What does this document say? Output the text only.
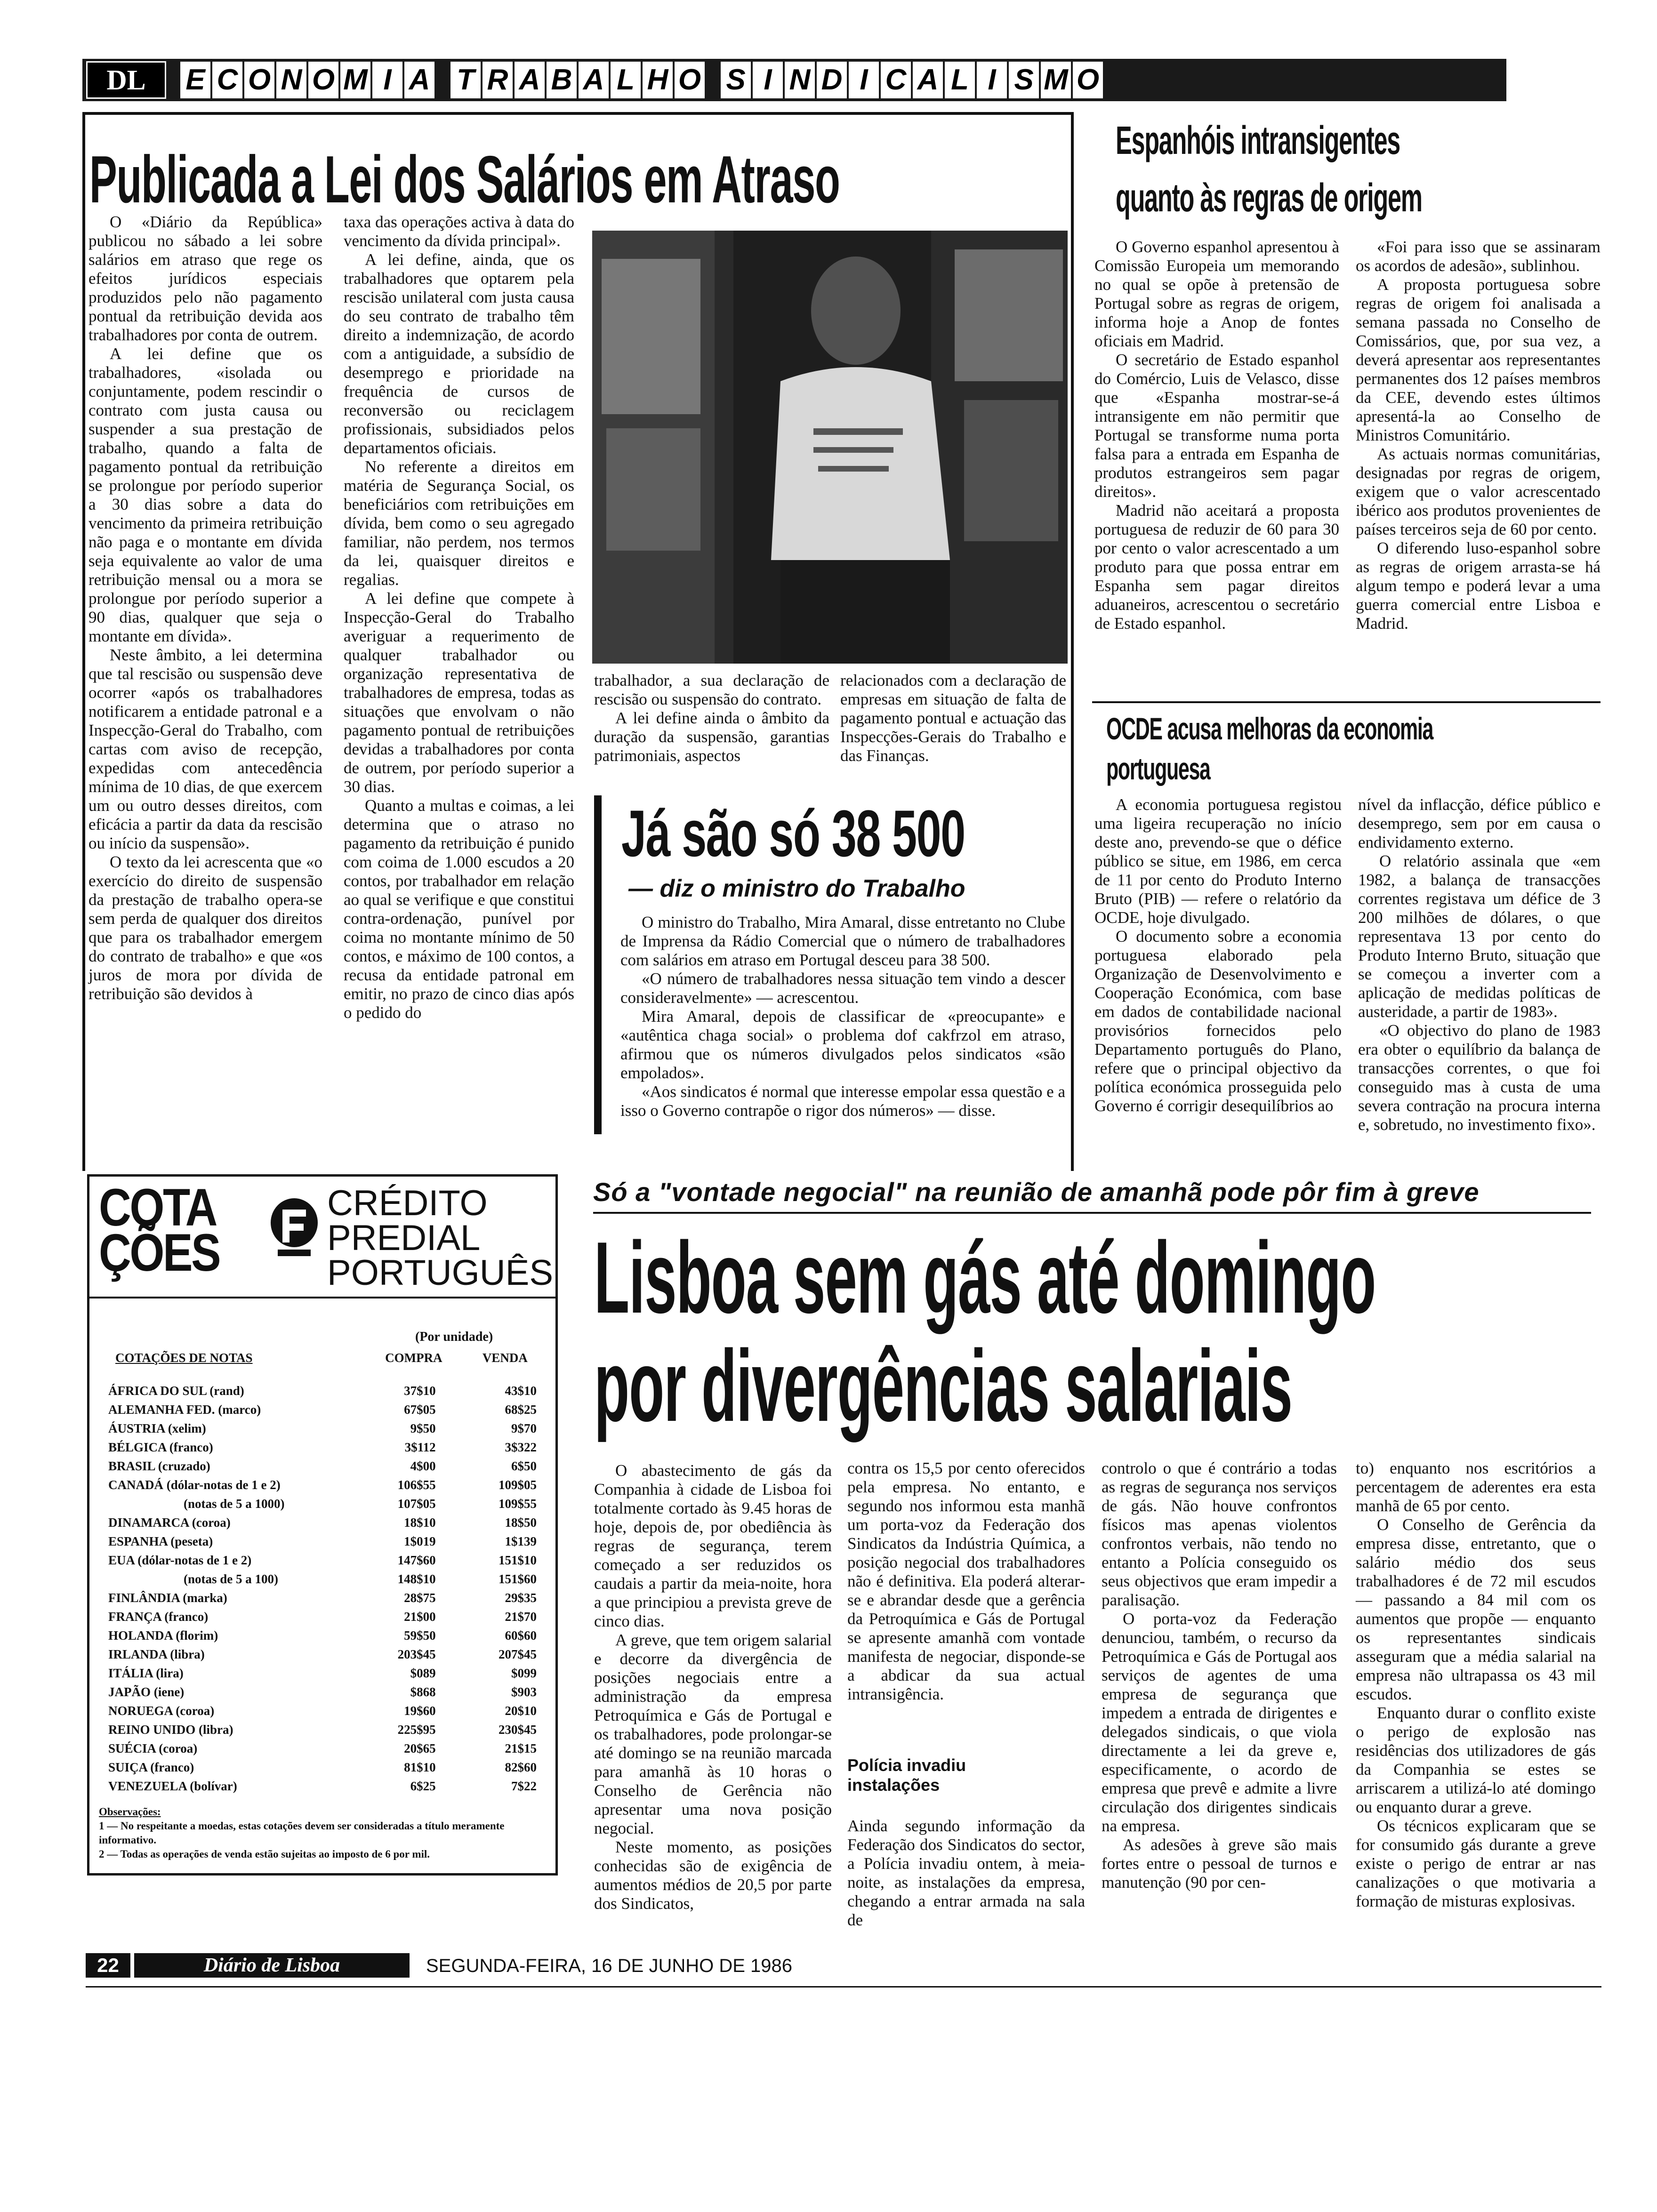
DL	E C O N O M I A T R A B A L H O S I N D I C A L I S M O
Publicada a Lei dos Salários em Atraso
O «Diário da República» publicou no sábado a lei sobre salários em atraso que rege os efeitos jurídicos especiais produzidos pelo não pagamento pontual da retribuição devida aos trabalhadores por conta de outrem.
A lei define que os trabalhadores, «isolada ou conjuntamente, podem rescindir o contrato com justa causa ou suspender a sua prestação de trabalho, quando a falta de pagamento pontual da retribuição se prolongue por período superior a 30 dias sobre a data do vencimento da primeira retribuição não paga e o montante em dívida seja equivalente ao valor de uma retribuição mensal ou a mora se prolongue por período superior a 90 dias, qualquer que seja o montante em dívida».
Neste âmbito, a lei determina que tal rescisão ou suspensão deve ocorrer «após os trabalhadores notificarem a entidade patronal e a Inspecção-Geral do Trabalho, com cartas com aviso de recepção, expedidas com antecedência mínima de 10 dias, de que exercem um ou outro desses direitos, com eficácia a partir da data da rescisão ou início da suspensão».
O texto da lei acrescenta que «o exercício do direito de suspensão da prestação de trabalho opera-se sem perda de qualquer dos direitos que para os trabalhador emergem do contrato de trabalho» e que «os juros de mora por dívida de retribuição são devidos à
taxa das operações activa à data do vencimento da dívida principal».
A lei define, ainda, que os trabalhadores que optarem pela rescisão unilateral com justa causa do seu contrato de trabalho têm direito a indemnização, de acordo com a antiguidade, a subsídio de desemprego e prioridade na frequência de cursos de reconversão ou reciclagem profissionais, subsidiados pelos departamentos oficiais.
No referente a direitos em matéria de Segurança Social, os beneficiários com retribuições em dívida, bem como o seu agregado familiar, não perdem, nos termos da lei, quaisquer direitos e regalias.
A lei define que compete à Inspecção-Geral do Trabalho averiguar a requerimento de qualquer trabalhador ou organização representativa de trabalhadores de empresa, todas as situações que envolvam o não pagamento pontual de retribuições devidas a trabalhadores por conta de outrem, por período superior a 30 dias.
Quanto a multas e coimas, a lei determina que o atraso no pagamento da retribuição é punido com coima de 1.000 escudos a 20 contos, por trabalhador em relação ao qual se verifique e que constitui contra-ordenação, punível por coima no montante mínimo de 50 contos, e máximo de 100 contos, a recusa da entidade patronal em emitir, no prazo de cinco dias após o pedido do
trabalhador, a sua declaração de rescisão ou suspensão do contrato.
A lei define ainda o âmbito da duração da suspensão, garantias patrimoniais, aspectos
relacionados com a declaração de empresas em situação de falta de pagamento pontual e actuação das Inspecções-Gerais do Trabalho e das Finanças.
Já são só 38 500
— diz o ministro do Trabalho
O ministro do Trabalho, Mira Amaral, disse entretanto no Clube de Imprensa da Rádio Comercial que o número de trabalhadores com salários em atraso em Portugal desceu para 38 500.
«O número de trabalhadores nessa situação tem vindo a descer consideravelmente» — acrescentou.
Mira Amaral, depois de classificar de «preocupante» e «autêntica chaga social» o problema dof cakfrzol em atraso, afirmou que os números divulgados pelos sindicatos «são empolados».
«Aos sindicatos é normal que interesse empolar essa questão e a isso o Governo contrapõe o rigor dos números» — disse.
Espanhóis intransigentes
quanto às regras de origem
O Governo espanhol apresentou à Comissão Europeia um memorando no qual se opõe à pretensão de Portugal sobre as regras de origem, informa hoje a Anop de fontes oficiais em Madrid.
O secretário de Estado espanhol do Comércio, Luis de Velasco, disse que «Espanha mostrar-se-á intransigente em não permitir que Portugal se transforme numa porta falsa para a entrada em Espanha de produtos estrangeiros sem pagar direitos».
Madrid não aceitará a proposta portuguesa de reduzir de 60 para 30 por cento o valor acrescentado a um produto para que possa entrar em Espanha sem pagar direitos aduaneiros, acrescentou o secretário de Estado espanhol.
«Foi para isso que se assinaram os acordos de adesão», sublinhou.
A proposta portuguesa sobre regras de origem foi analisada a semana passada no Conselho de Comissários, que, por sua vez, a deverá apresentar aos representantes permanentes dos 12 países membros da CEE, devendo estes últimos apresentá-la ao Conselho de Ministros Comunitário.
As actuais normas comunitárias, designadas por regras de origem, exigem que o valor acrescentado ibérico aos produtos provenientes de países terceiros seja de 60 por cento.
O diferendo luso-espanhol sobre as regras de origem arrasta-se há algum tempo e poderá levar a uma guerra comercial entre Lisboa e Madrid.
OCDE acusa melhoras da economia
portuguesa
A economia portuguesa registou uma ligeira recuperação no início deste ano, prevendo-se que o défice público se situe, em 1986, em cerca de 11 por cento do Produto Interno Bruto (PIB) — refere o relatório da OCDE, hoje divulgado.
O documento sobre a economia portuguesa elaborado pela Organização de Desenvolvimento e Cooperação Económica, com base em dados de contabilidade nacional provisórios fornecidos pelo Departamento português do Plano, refere que o principal objectivo da política económica prosseguida pelo Governo é corrigir desequilíbrios ao
nível da inflacção, défice público e desemprego, sem por em causa o endividamento externo.
O relatório assinala que «em 1982, a balança de transacções correntes registava um défice de 3 200 milhões de dólares, o que representava 13 por cento do Produto Interno Bruto, situação que se começou a inverter com a aplicação de medidas políticas de austeridade, a partir de 1983».
«O objectivo do plano de 1983 era obter o equilíbrio da balança de transacções correntes, o que foi conseguido mas à custa de uma severa contração na procura interna e, sobretudo, no investimento fixo».
COTA
ÇÕES
CRÉDITO
PREDIAL
PORTUGUÊS
(Por unidade)
COTAÇÕES DE NOTAS	COMPRA	VENDA

ÁFRICA DO SUL (rand)	37$10	43$10
ALEMANHA FED. (marco)	67$05	68$25
ÁUSTRIA (xelim)	9$50	9$70
BÉLGICA (franco)	3$112	3$322
BRASIL (cruzado)	4$00	6$50
CANADÁ (dólar-notas de 1 e 2)	106$55	109$05
(notas de 5 a 1000)	107$05	109$55
DINAMARCA (coroa)	18$10	18$50
ESPANHA (peseta)	1$019	1$139
EUA (dólar-notas de 1 e 2)	147$60	151$10
(notas de 5 a 100)	148$10	151$60
FINLÂNDIA (marka)	28$75	29$35
FRANÇA (franco)	21$00	21$70
HOLANDA (florim)	59$50	60$60
IRLANDA (libra)	203$45	207$45
ITÁLIA (lira)	$089	$099
JAPÃO (iene)	$868	$903
NORUEGA (coroa)	19$60	20$10
REINO UNIDO (libra)	225$95	230$45
SUÉCIA (coroa)	20$65	21$15
SUIÇA (franco)	81$10	82$60
VENEZUELA (bolívar)	6$25	7$22
Observações:
1 — No respeitante a moedas, estas cotações devem ser consideradas a título meramente informativo.
2 — Todas as operações de venda estão sujeitas ao imposto de 6 por mil.
Só a "vontade negocial" na reunião de amanhã pode pôr fim à greve
Lisboa sem gás até domingo
por divergências salariais
O abastecimento de gás da Companhia à cidade de Lisboa foi totalmente cortado às 9.45 horas de hoje, depois de, por obediência às regras de segurança, terem começado a ser reduzidos os caudais a partir da meia-noite, hora a que principiou a prevista greve de cinco dias.
A greve, que tem origem salarial e decorre da divergência de posições negociais entre a administração da empresa Petroquímica e Gás de Portugal e os trabalhadores, pode prolongar-se até domingo se na reunião marcada para amanhã às 10 horas o Conselho de Gerência não apresentar uma nova posição negocial.
Neste momento, as posições conhecidas são de exigência de aumentos médios de 20,5 por parte dos Sindicatos,
contra os 15,5 por cento oferecidos pela empresa. No entanto, e segundo nos informou esta manhã um porta-voz da Federação dos Sindicatos da Indústria Química, a posição negocial dos trabalhadores não é definitiva. Ela poderá alterar-se e abrandar desde que a gerência da Petroquímica e Gás de Portugal se apresente amanhã com vontade manifesta de negociar, disponde-se a abdicar da sua actual intransigência.
Polícia invadiu
instalações
Ainda segundo informação da Federação dos Sindicatos do sector, a Polícia invadiu ontem, à meia-noite, as instalações da empresa, chegando a entrar armada na sala de
controlo o que é contrário a todas as regras de segurança nos serviços de gás. Não houve confrontos físicos mas apenas violentos confrontos verbais, não tendo no entanto a Polícia conseguido os seus objectivos que eram impedir a paralisação.
O porta-voz da Federação denunciou, também, o recurso da Petroquímica e Gás de Portugal aos serviços de agentes de uma empresa de segurança que impedem a entrada de dirigentes e delegados sindicais, o que viola directamente a lei da greve e, especificamente, o acordo de empresa que prevê e admite a livre circulação dos dirigentes sindicais na empresa.
As adesões à greve são mais fortes entre o pessoal de turnos e manutenção (90 por cen-
to) enquanto nos escritórios a percentagem de aderentes era esta manhã de 65 por cento.
O Conselho de Gerência da empresa disse, entretanto, que o salário médio dos seus trabalhadores é de 72 mil escudos — passando a 84 mil com os aumentos que propõe — enquanto os representantes sindicais asseguram que a média salarial na empresa não ultrapassa os 43 mil escudos.
Enquanto durar o conflito existe o perigo de explosão nas residências dos utilizadores de gás da Companhia se estes se arriscarem a utilizá-lo até domingo ou enquanto durar a greve.
Os técnicos explicaram que se for consumido gás durante a greve existe o perigo de entrar ar nas canalizações o que motivaria a formação de misturas explosivas.
22	Diário de Lisboa	SEGUNDA-FEIRA, 16 DE JUNHO DE 1986
